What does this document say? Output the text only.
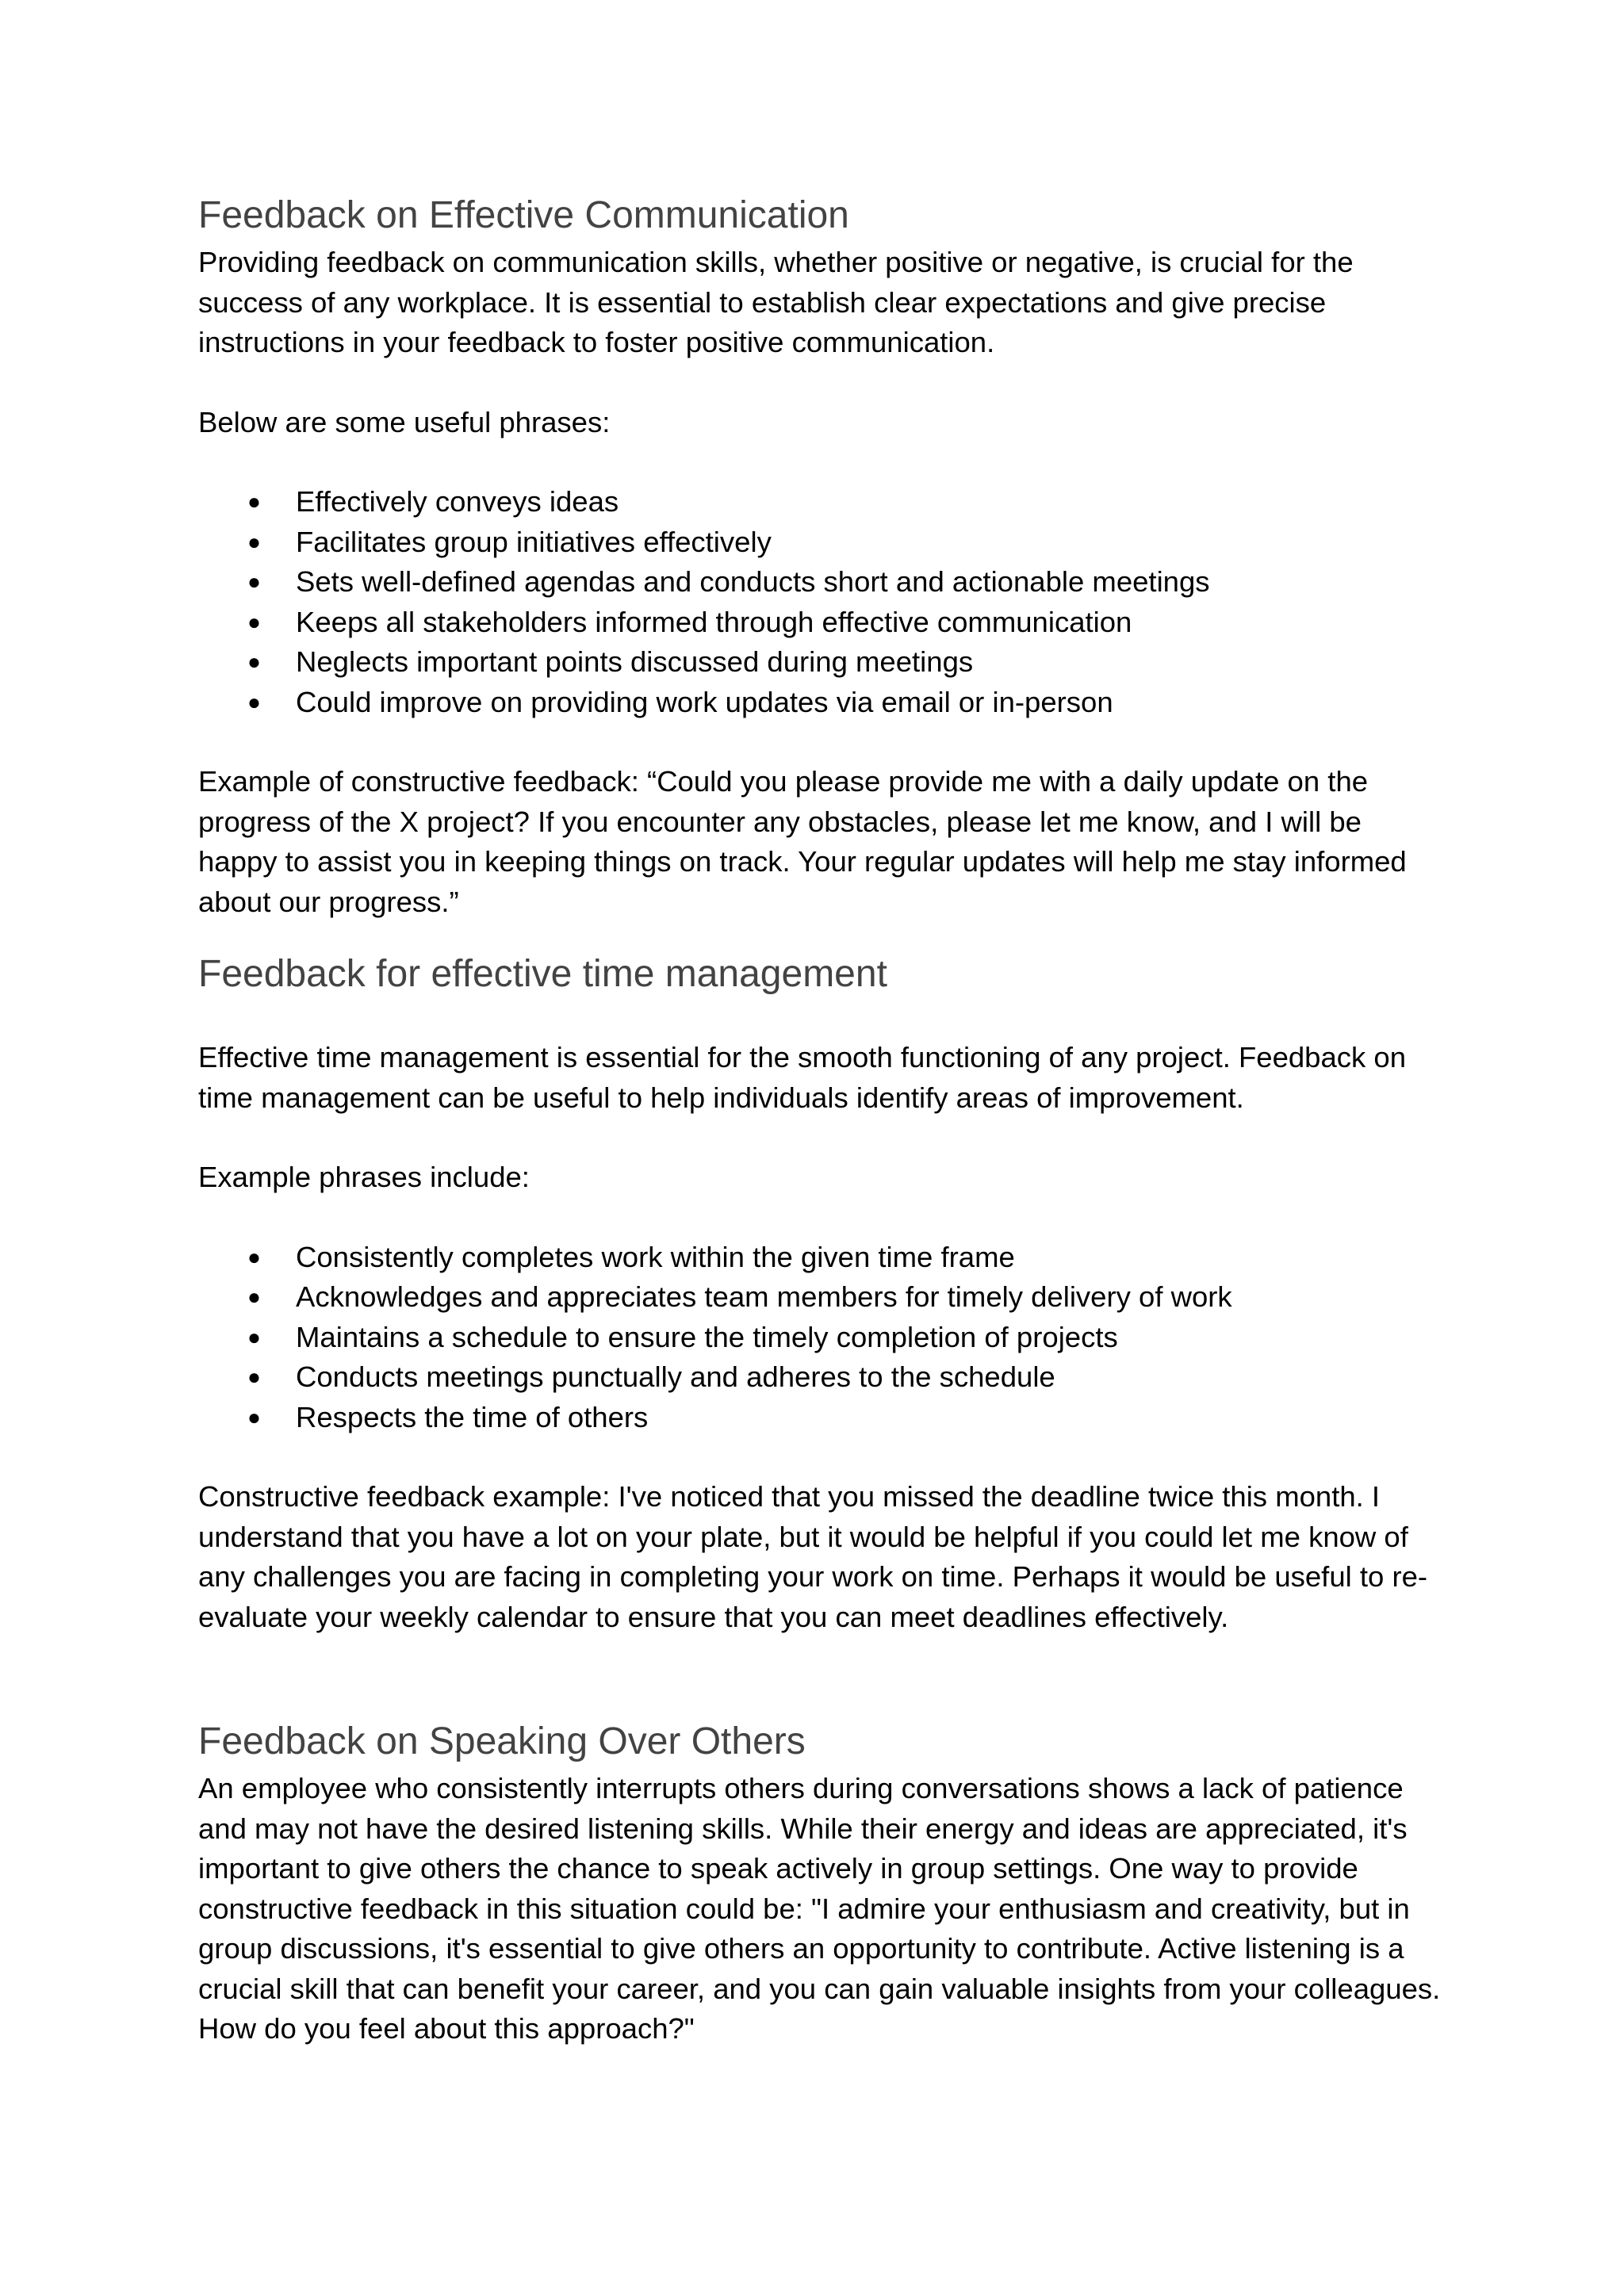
Feedback on Effective Communication

Providing feedback on communication skills, whether positive or negative, is crucial for the success of any workplace. It is essential to establish clear expectations and give precise instructions in your feedback to foster positive communication.

Below are some useful phrases:

● Effectively conveys ideas
● Facilitates group initiatives effectively
● Sets well-defined agendas and conducts short and actionable meetings
● Keeps all stakeholders informed through effective communication
● Neglects important points discussed during meetings
● Could improve on providing work updates via email or in-person

Example of constructive feedback: “Could you please provide me with a daily update on the progress of the X project? If you encounter any obstacles, please let me know, and I will be happy to assist you in keeping things on track. Your regular updates will help me stay informed about our progress.”

Feedback for effective time management

Effective time management is essential for the smooth functioning of any project. Feedback on time management can be useful to help individuals identify areas of improvement.

Example phrases include:

● Consistently completes work within the given time frame
● Acknowledges and appreciates team members for timely delivery of work
● Maintains a schedule to ensure the timely completion of projects
● Conducts meetings punctually and adheres to the schedule
● Respects the time of others

Constructive feedback example: I've noticed that you missed the deadline twice this month. I understand that you have a lot on your plate, but it would be helpful if you could let me know of any challenges you are facing in completing your work on time. Perhaps it would be useful to re-evaluate your weekly calendar to ensure that you can meet deadlines effectively.

Feedback on Speaking Over Others

An employee who consistently interrupts others during conversations shows a lack of patience and may not have the desired listening skills. While their energy and ideas are appreciated, it's important to give others the chance to speak actively in group settings. One way to provide constructive feedback in this situation could be: "I admire your enthusiasm and creativity, but in group discussions, it's essential to give others an opportunity to contribute. Active listening is a crucial skill that can benefit your career, and you can gain valuable insights from your colleagues. How do you feel about this approach?"
